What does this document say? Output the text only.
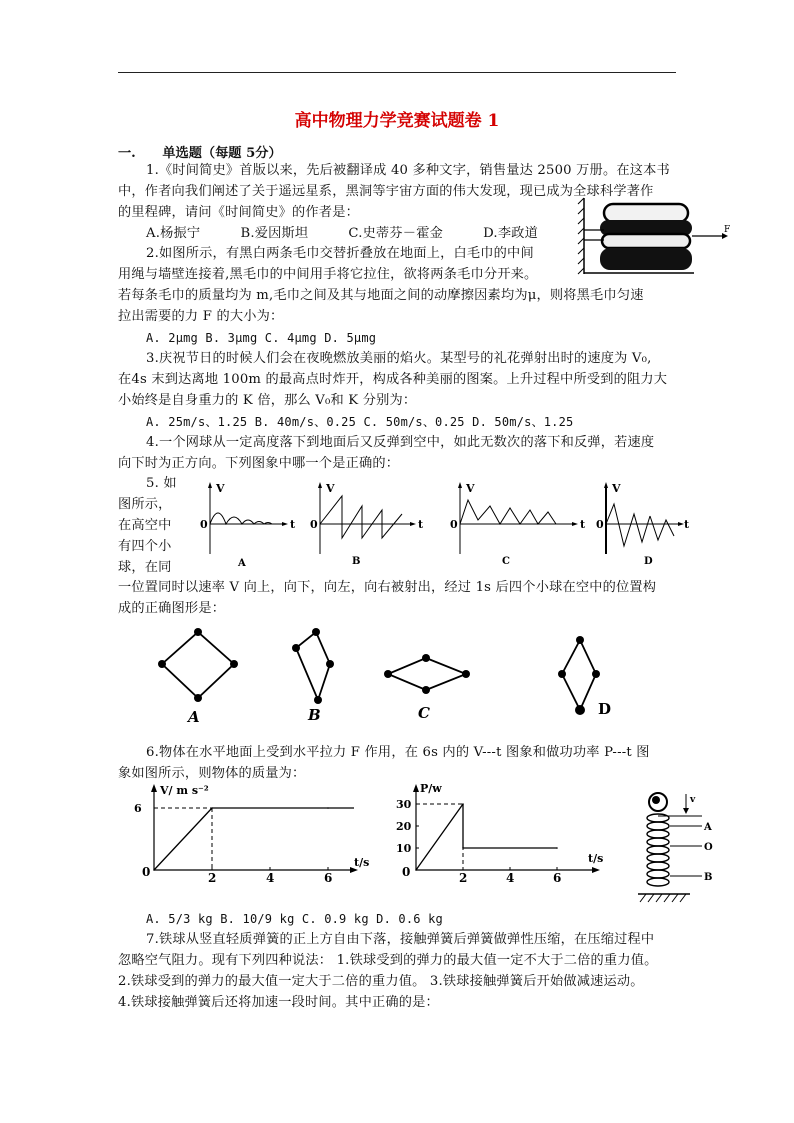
高中物理力学竞赛试题卷 1
一. 单选题（每题 5分）
1.《时间简史》首版以来，先后被翻译成 40 多种文字，销售量达 2500 万册。在这本书
中，作者向我们阐述了关于遥远星系，黑洞等宇宙方面的伟大发现，现已成为全球科学著作
的里程碑，请问《时间简史》的作者是：
A.杨振宁　　　B.爱因斯坦　　　C.史蒂芬－霍金　　　D.李政道
2.如图所示，有黑白两条毛巾交替折叠放在地面上，白毛巾的中间
用绳与墙壁连接着,黑毛巾的中间用手将它拉住，欲将两条毛巾分开来。
若每条毛巾的质量均为 m,毛巾之间及其与地面之间的动摩擦因素均为μ，则将黑毛巾匀速
拉出需要的力 F 的大小为：
A. 2μmg B. 3μmg C. 4μmg D. 5μmg
F
3.庆祝节日的时候人们会在夜晚燃放美丽的焰火。某型号的礼花弹射出时的速度为 V₀,
在4s 末到达离地 100m 的最高点时炸开，构成各种美丽的图案。上升过程中所受到的阻力大
小始终是自身重力的 K 倍，那么 V₀和 K 分别为：
A. 25m/s、1.25 B. 40m/s、0.25 C. 50m/s、0.25 D. 50m/s、1.25
4.一个网球从一定高度落下到地面后又反弹到空中，如此无数次的落下和反弹，若速度
向下时为正方向。下列图象中哪一个是正确的：
5. 如
图所示，
在高空中
有四个小
球，在同
V
t
0
A
V
t
0
B
V
t
0
C
V
0
D
t
一位置同时以速率 V 向上，向下，向左，向右被射出，经过 1s 后四个小球在空中的位置构
成的正确图形是：
A	B	C	D
6.物体在水平地面上受到水平拉力 F 作用，在 6s 内的 V---t 图象和做功功率 P---t 图
象如图所示，则物体的质量为：
V/ m s⁻²
t/s
0	2	4	6
6
P/w
t/s
0	2	4	6
30
20
10
v
A
O
B
A. 5/3 kg B. 10/9 kg C. 0.9 kg D. 0.6 kg
7.铁球从竖直轻质弹簧的正上方自由下落，接触弹簧后弹簧做弹性压缩，在压缩过程中
忽略空气阻力。现有下列四种说法： 1.铁球受到的弹力的最大值一定不大于二倍的重力值。
2.铁球受到的弹力的最大值一定大于二倍的重力值。 3.铁球接触弹簧后开始做减速运动。
4.铁球接触弹簧后还将加速一段时间。其中正确的是：
